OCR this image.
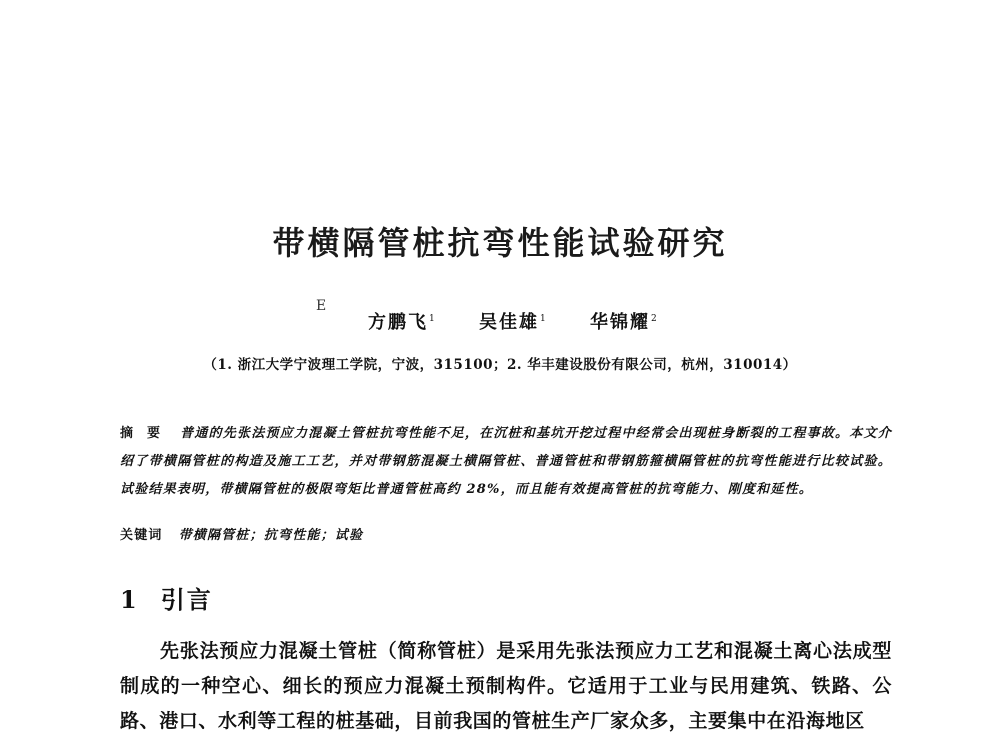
带横隔管桩抗弯性能试验研究
E
方鹏飞$^1$ 吴佳雄$^1$ 华锦耀$^2$
（1. 浙江大学宁波理工学院，宁波，315100；2. 华丰建设股份有限公司，杭州，310014）
摘要 普通的先张法预应力混凝土管桩抗弯性能不足，在沉桩和基坑开挖过程中经常会出现桩身断裂的工程事故。本文介绍了带横隔管桩的构造及施工工艺，并对带钢筋混凝土横隔管桩、普通管桩和带钢筋箍横隔管桩的抗弯性能进行比较试验。试验结果表明，带横隔管桩的极限弯矩比普通管桩高约 28%，而且能有效提高管桩的抗弯能力、刚度和延性。
关键词 带横隔管桩；抗弯性能；试验
1 引言
先张法预应力混凝土管桩（简称管桩）是采用先张法预应力工艺和混凝土离心法成型制成的一种空心、细长的预应力混凝土预制构件。它适用于工业与民用建筑、铁路、公路、港口、水利等工程的桩基础，目前我国的管桩生产厂家众多，主要集中在沿海地区
